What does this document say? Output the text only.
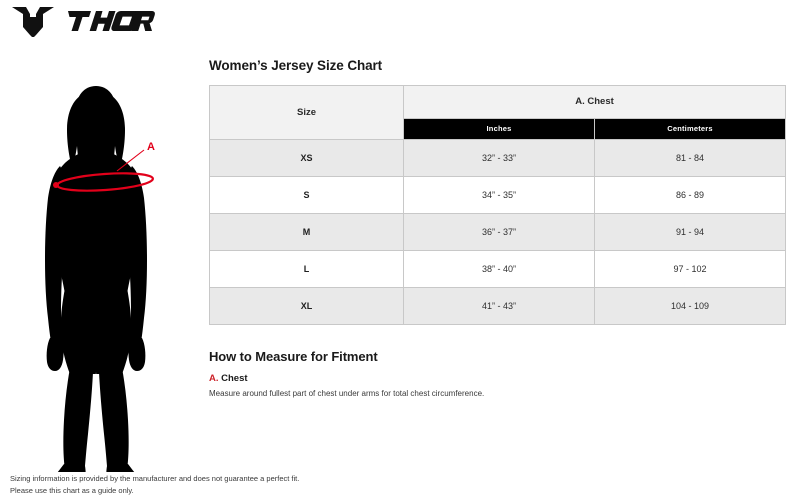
A
Women’s Jersey Size Chart
Size	A. Chest	
	Inches	Centimeters
XS	32” - 33”	81 - 84
S	34” - 35”	86 - 89
M	36” - 37”	91 - 94
L	38” - 40”	97 - 102
XL	41” - 43”	104 - 109
How to Measure for Fitment
A. Chest
Measure around fullest part of chest under arms for total chest circumference.
Sizing information is provided by the manufacturer and does not guarantee a perfect fit.
Please use this chart as a guide only.
